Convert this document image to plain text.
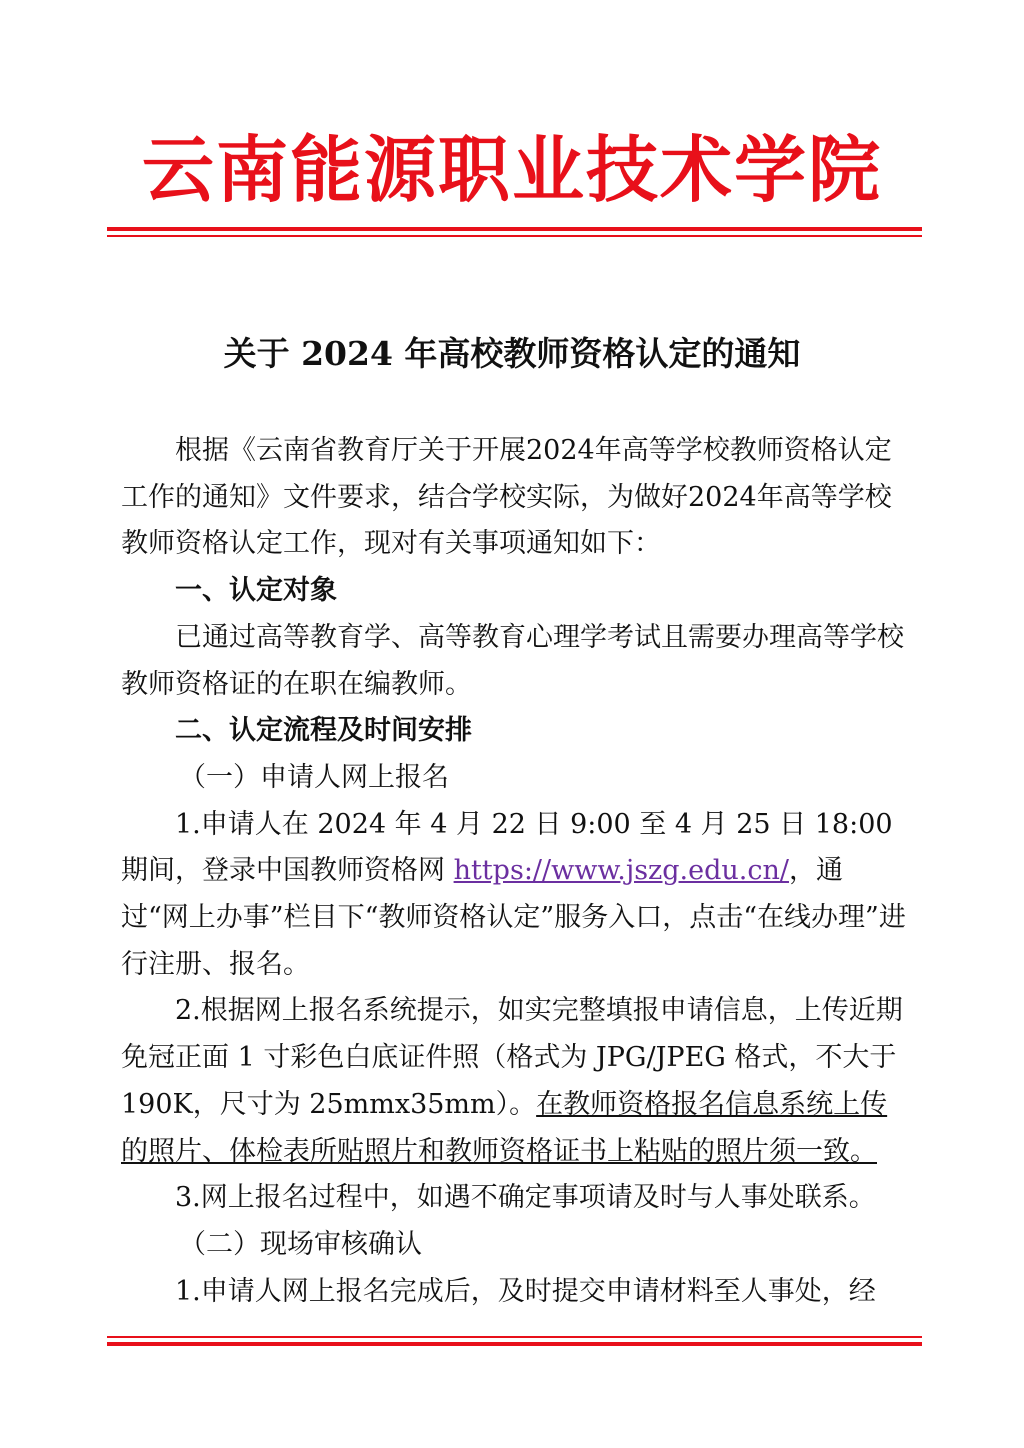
云南能源职业技术学院
关于 2024 年高校教师资格认定的通知

根据《云南省教育厅关于开展2024年高等学校教师资格认定工作的通知》文件要求，结合学校实际，为做好2024年高等学校教师资格认定工作，现对有关事项通知如下：

一、认定对象

已通过高等教育学、高等教育心理学考试且需要办理高等学校教师资格证的在职在编教师。

二、认定流程及时间安排

（一）申请人网上报名

1.申请人在 2024 年 4 月 22 日 9:00 至 4 月 25 日 18:00 期间，登录中国教师资格网 https://www.jszg.edu.cn/，通过“网上办事”栏目下“教师资格认定”服务入口，点击“在线办理”进行注册、报名。

2.根据网上报名系统提示，如实完整填报申请信息，上传近期免冠正面 1 寸彩色白底证件照（格式为 JPG/JPEG 格式，不大于190K，尺寸为 25mmx35mm）。在教师资格报名信息系统上传的照片、体检表所贴照片和教师资格证书上粘贴的照片须一致。

3.网上报名过程中，如遇不确定事项请及时与人事处联系。

（二）现场审核确认

1.申请人网上报名完成后，及时提交申请材料至人事处，经
